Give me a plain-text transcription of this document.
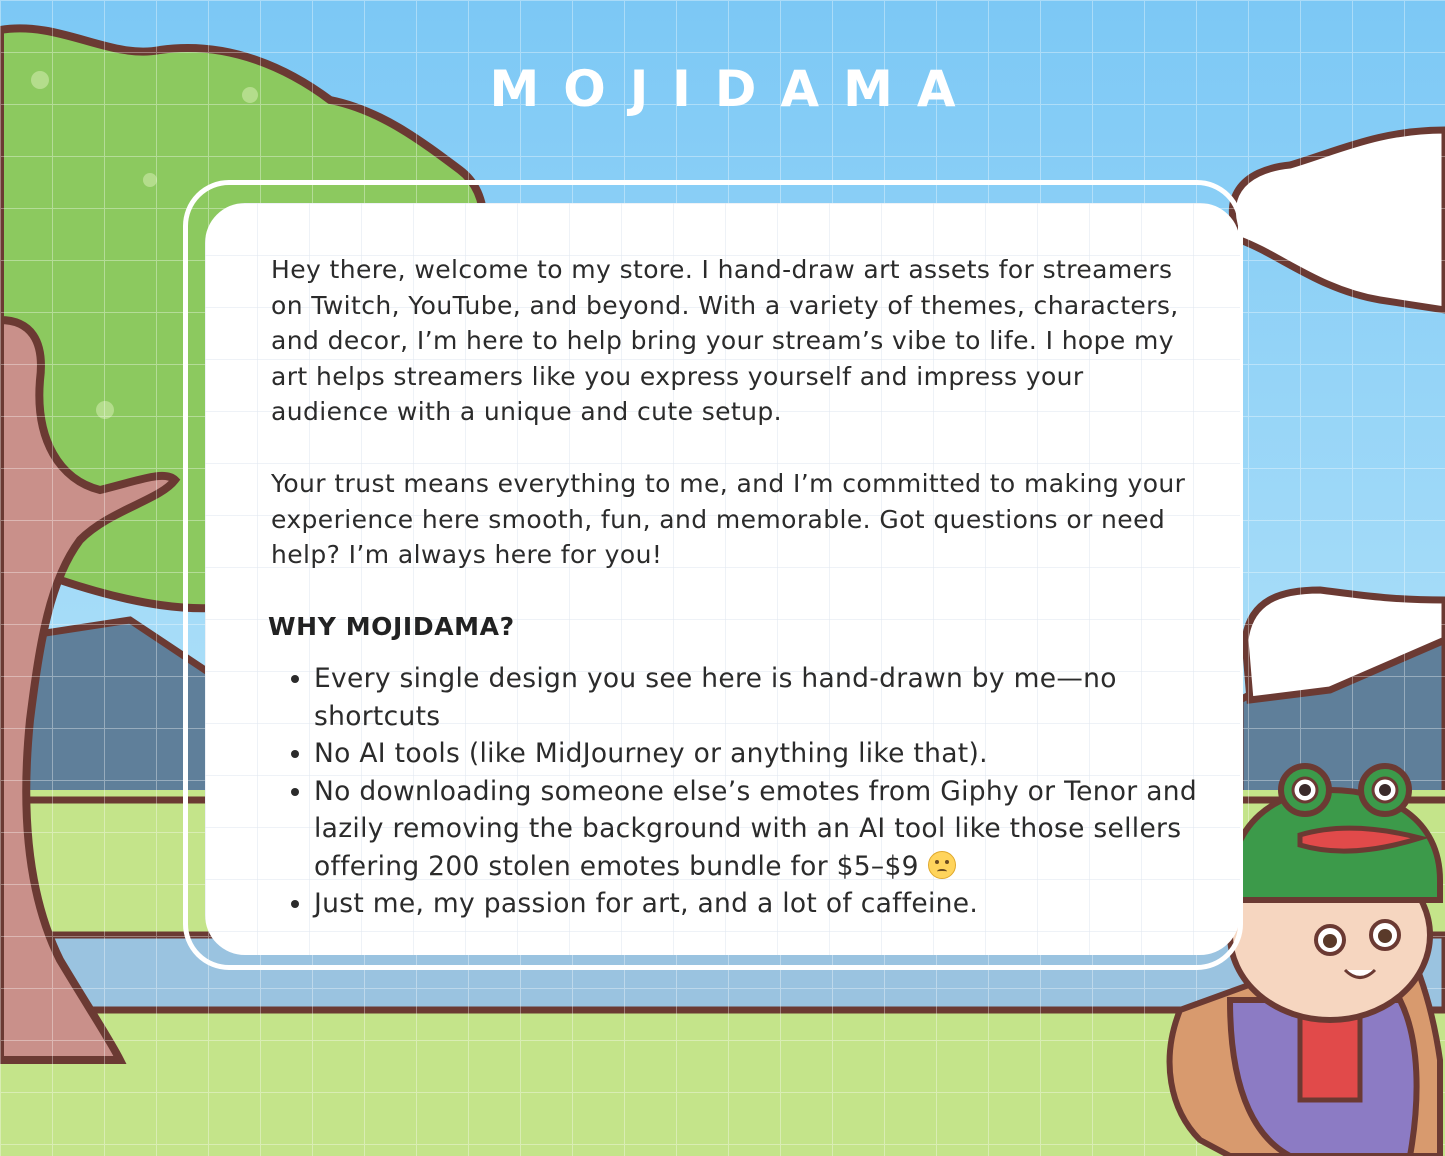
MOJIDAMA

Hey there, welcome to my store. I hand-draw art assets for streamers on Twitch, YouTube, and beyond. With a variety of themes, characters, and decor, I’m here to help bring your stream’s vibe to life. I hope my art helps streamers like you express yourself and impress your audience with a unique and cute setup.

Your trust means everything to me, and I’m committed to making your experience here smooth, fun, and memorable. Got questions or need help? I’m always here for you!

WHY MOJIDAMA?
• Every single design you see here is hand-drawn by me—no shortcuts
• No AI tools (like MidJourney or anything like that).
• No downloading someone else’s emotes from Giphy or Tenor and lazily removing the background with an AI tool like those sellers offering 200 stolen emotes bundle for $5–$9
• Just me, my passion for art, and a lot of caffeine.
